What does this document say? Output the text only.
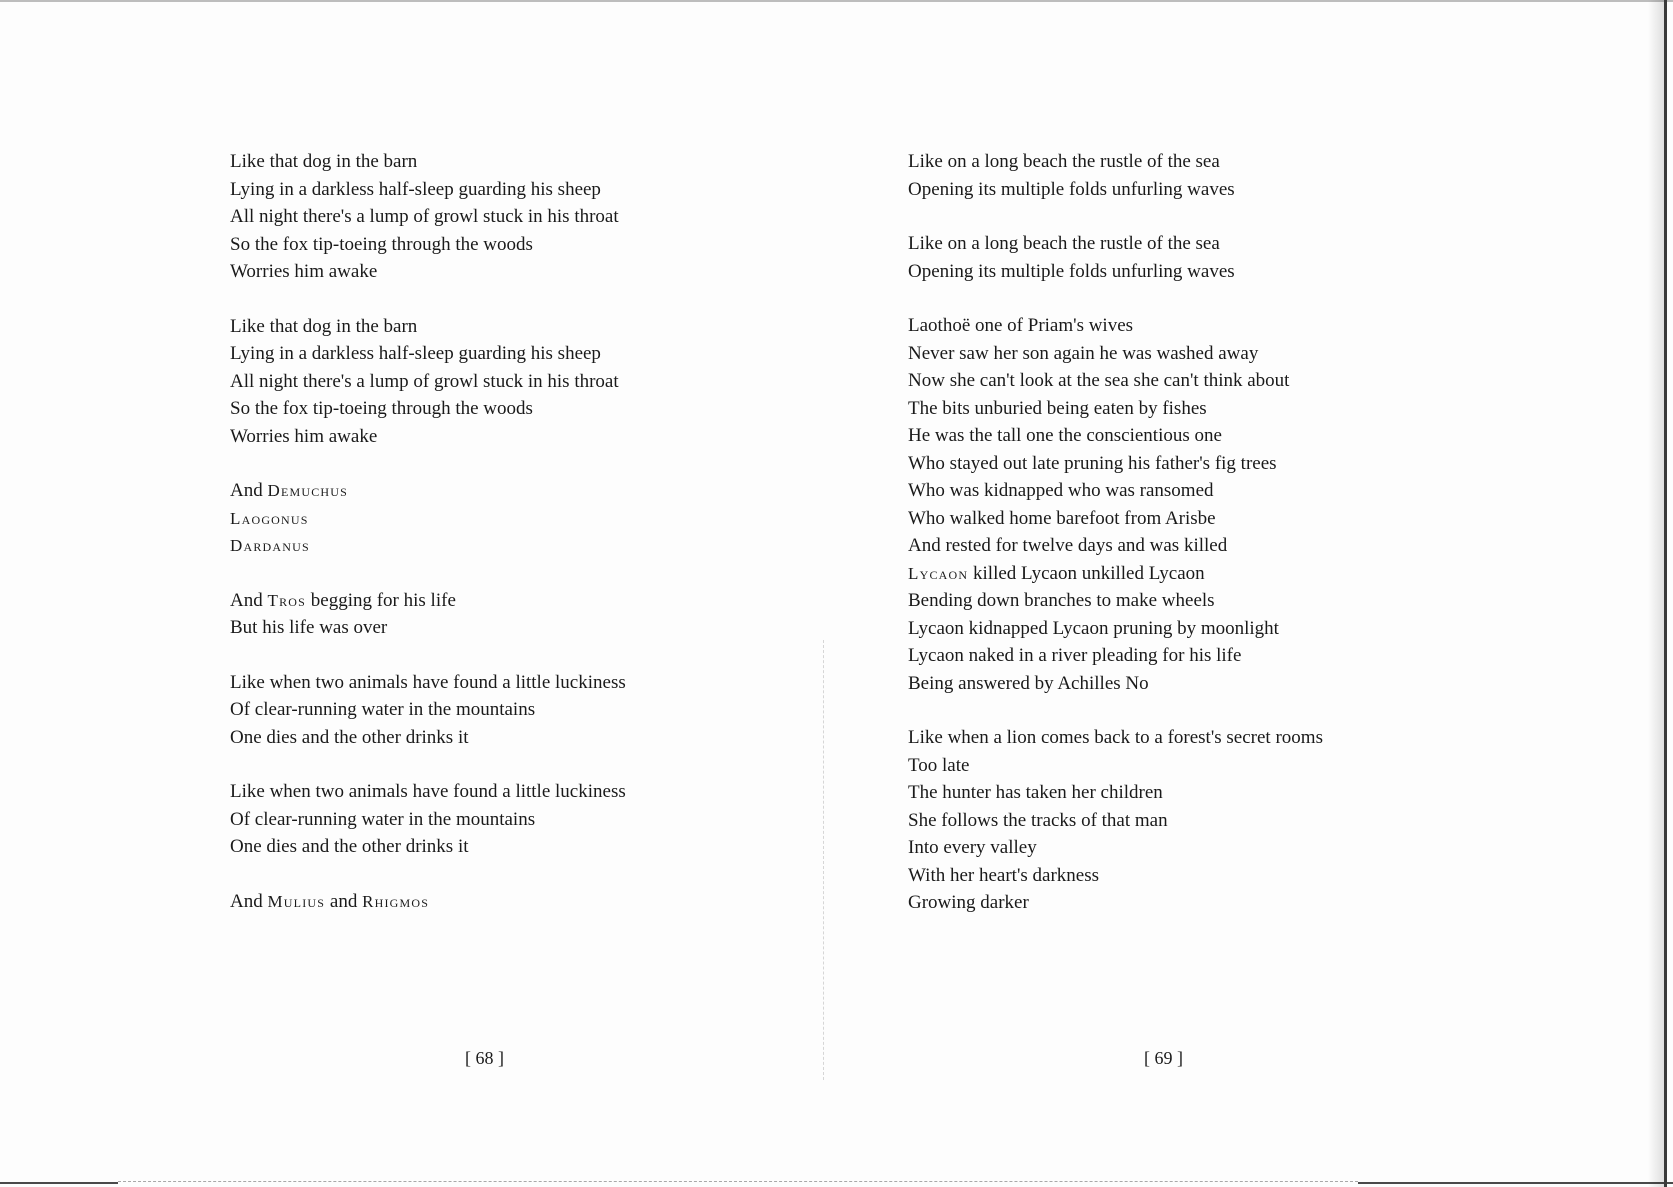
Like that dog in the barn
Lying in a darkless half-sleep guarding his sheep
All night there's a lump of growl stuck in his throat
So the fox tip-toeing through the woods
Worries him awake
Like that dog in the barn
Lying in a darkless half-sleep guarding his sheep
All night there's a lump of growl stuck in his throat
So the fox tip-toeing through the woods
Worries him awake
And Demuchus
Laogonus
Dardanus
And Tros begging for his life
But his life was over
Like when two animals have found a little luckiness
Of clear-running water in the mountains
One dies and the other drinks it
Like when two animals have found a little luckiness
Of clear-running water in the mountains
One dies and the other drinks it
And Mulius and Rhigmos
[ 68 ]
Like on a long beach the rustle of the sea
Opening its multiple folds unfurling waves
Like on a long beach the rustle of the sea
Opening its multiple folds unfurling waves
Laothoë one of Priam's wives
Never saw her son again he was washed away
Now she can't look at the sea she can't think about
The bits unburied being eaten by fishes
He was the tall one the conscientious one
Who stayed out late pruning his father's fig trees
Who was kidnapped who was ransomed
Who walked home barefoot from Arisbe
And rested for twelve days and was killed
Lycaon killed Lycaon unkilled Lycaon
Bending down branches to make wheels
Lycaon kidnapped Lycaon pruning by moonlight
Lycaon naked in a river pleading for his life
Being answered by Achilles No
Like when a lion comes back to a forest's secret rooms
Too late
The hunter has taken her children
She follows the tracks of that man
Into every valley
With her heart's darkness
Growing darker
[ 69 ]
